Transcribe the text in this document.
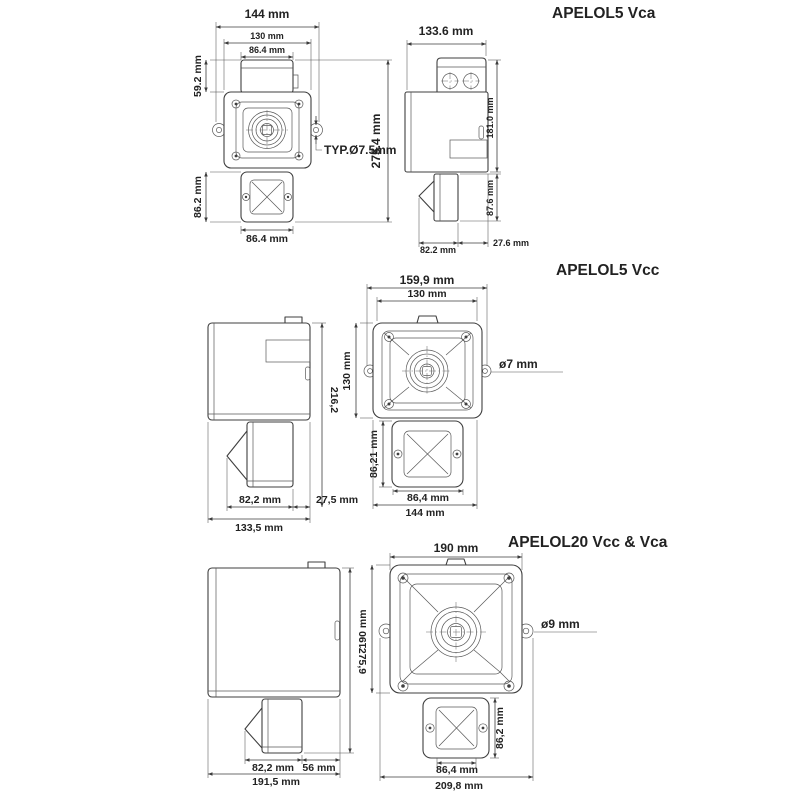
APELOL5 Vca
144 mm
130 mm
86.4 mm
59.2 mm
86.2 mm
86.4 mm
275.4 mm
TYP.Ø7.5mm
133.6 mm
181.0 mm
87.6 mm
82.2 mm
27.6 mm
APELOL5 Vcc
216,2
82,2 mm	27,5 mm
133,5 mm
159,9 mm
130 mm
130 mm	ø7 mm
86,21 mm
86,4 mm
144 mm
APELOL20 Vcc & Vca
275,9
82,2 mm 56 mm
191,5 mm
190 mm
190 mm	ø9 mm
86,2 mm
86,4 mm
209,8 mm
